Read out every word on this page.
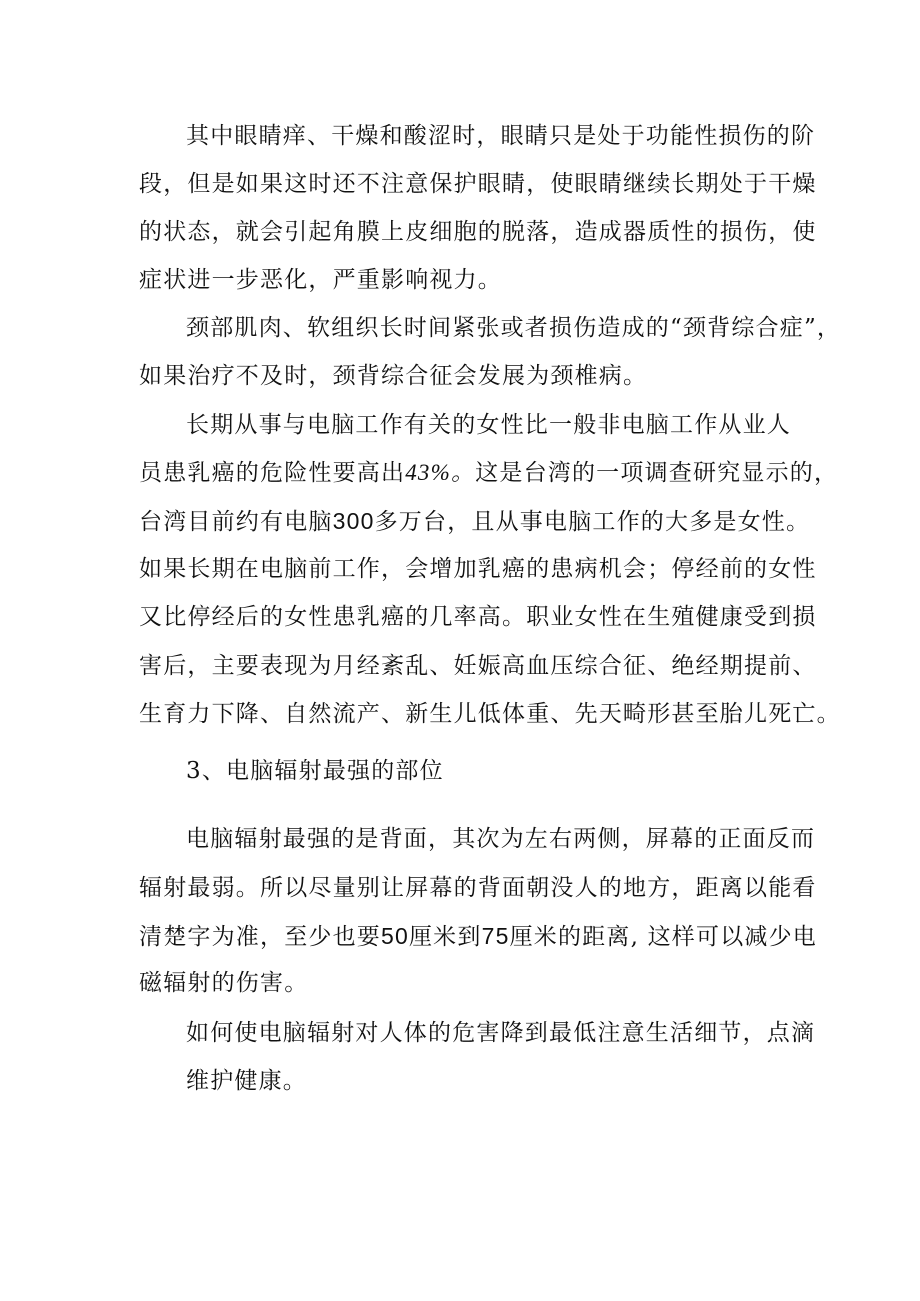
其中眼睛痒、干燥和酸涩时，眼睛只是处于功能性损伤的阶
段，但是如果这时还不注意保护眼睛，使眼睛继续长期处于干燥
的状态，就会引起角膜上皮细胞的脱落，造成器质性的损伤，使
症状进一步恶化，严重影响视力。
颈部肌肉、软组织长时间紧张或者损伤造成的“颈背综合症”，
如果治疗不及时，颈背综合征会发展为颈椎病。
长期从事与电脑工作有关的女性比一般非电脑工作从业人
员患乳癌的危险性要高出43%。这是台湾的一项调查研究显示的，
台湾目前约有电脑300多万台，且从事电脑工作的大多是女性。
如果长期在电脑前工作，会增加乳癌的患病机会；停经前的女性
又比停经后的女性患乳癌的几率高。职业女性在生殖健康受到损
害后，主要表现为月经紊乱、妊娠高血压综合征、绝经期提前、
生育力下降、自然流产、新生儿低体重、先天畸形甚至胎儿死亡。
3、电脑辐射最强的部位
电脑辐射最强的是背面，其次为左右两侧，屏幕的正面反而
辐射最弱。所以尽量别让屏幕的背面朝没人的地方，距离以能看
清楚字为准，至少也要50厘米到75厘米的距离, 这样可以减少电
磁辐射的伤害。
如何使电脑辐射对人体的危害降到最低注意生活细节，点滴
维护健康。
